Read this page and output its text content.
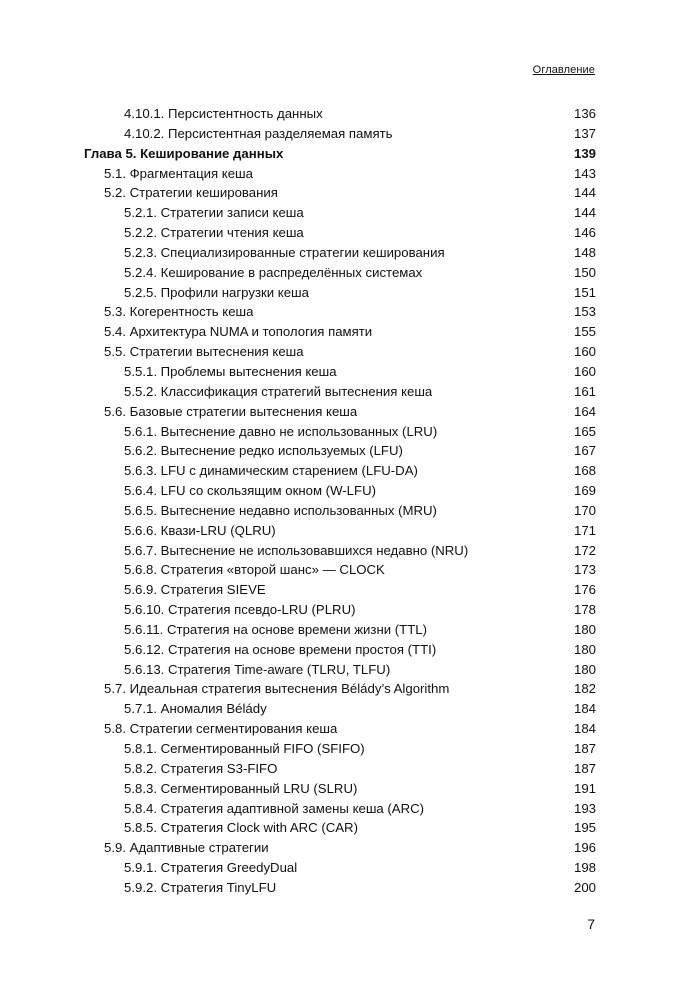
Оглавление
4.10.1. Персистентность данных	136
4.10.2. Персистентная разделяемая память	137
Глава 5. Кеширование данных	139
5.1. Фрагментация кеша	143
5.2. Стратегии кеширования	144
5.2.1. Стратегии записи кеша	144
5.2.2. Стратегии чтения кеша	146
5.2.3. Специализированные стратегии кеширования	148
5.2.4. Кеширование в распределённых системах	150
5.2.5. Профили нагрузки кеша	151
5.3. Когерентность кеша	153
5.4. Архитектура NUMA и топология памяти	155
5.5. Стратегии вытеснения кеша	160
5.5.1. Проблемы вытеснения кеша	160
5.5.2. Классификация стратегий вытеснения кеша	161
5.6. Базовые стратегии вытеснения кеша	164
5.6.1. Вытеснение давно не использованных (LRU)	165
5.6.2. Вытеснение редко используемых (LFU)	167
5.6.3. LFU с динамическим старением (LFU-DA)	168
5.6.4. LFU со скользящим окном (W-LFU)	169
5.6.5. Вытеснение недавно использованных (MRU)	170
5.6.6. Квази-LRU (QLRU)	171
5.6.7. Вытеснение не использовавшихся недавно (NRU)	172
5.6.8. Стратегия «второй шанс» — CLOCK	173
5.6.9. Стратегия SIEVE	176
5.6.10. Стратегия псевдо-LRU (PLRU)	178
5.6.11. Стратегия на основе времени жизни (TTL)	180
5.6.12. Стратегия на основе времени простоя (TTI)	180
5.6.13. Стратегия Time-aware (TLRU, TLFU)	180
5.7. Идеальная стратегия вытеснения Bélády’s Algorithm	182
5.7.1. Аномалия Bélády	184
5.8. Стратегии сегментирования кеша	184
5.8.1. Сегментированный FIFO (SFIFO)	187
5.8.2. Стратегия S3-FIFO	187
5.8.3. Сегментированный LRU (SLRU)	191
5.8.4. Стратегия адаптивной замены кеша (ARC)	193
5.8.5. Стратегия Clock with ARC (CAR)	195
5.9. Адаптивные стратегии	196
5.9.1. Стратегия GreedyDual	198
5.9.2. Стратегия TinyLFU	200
7
